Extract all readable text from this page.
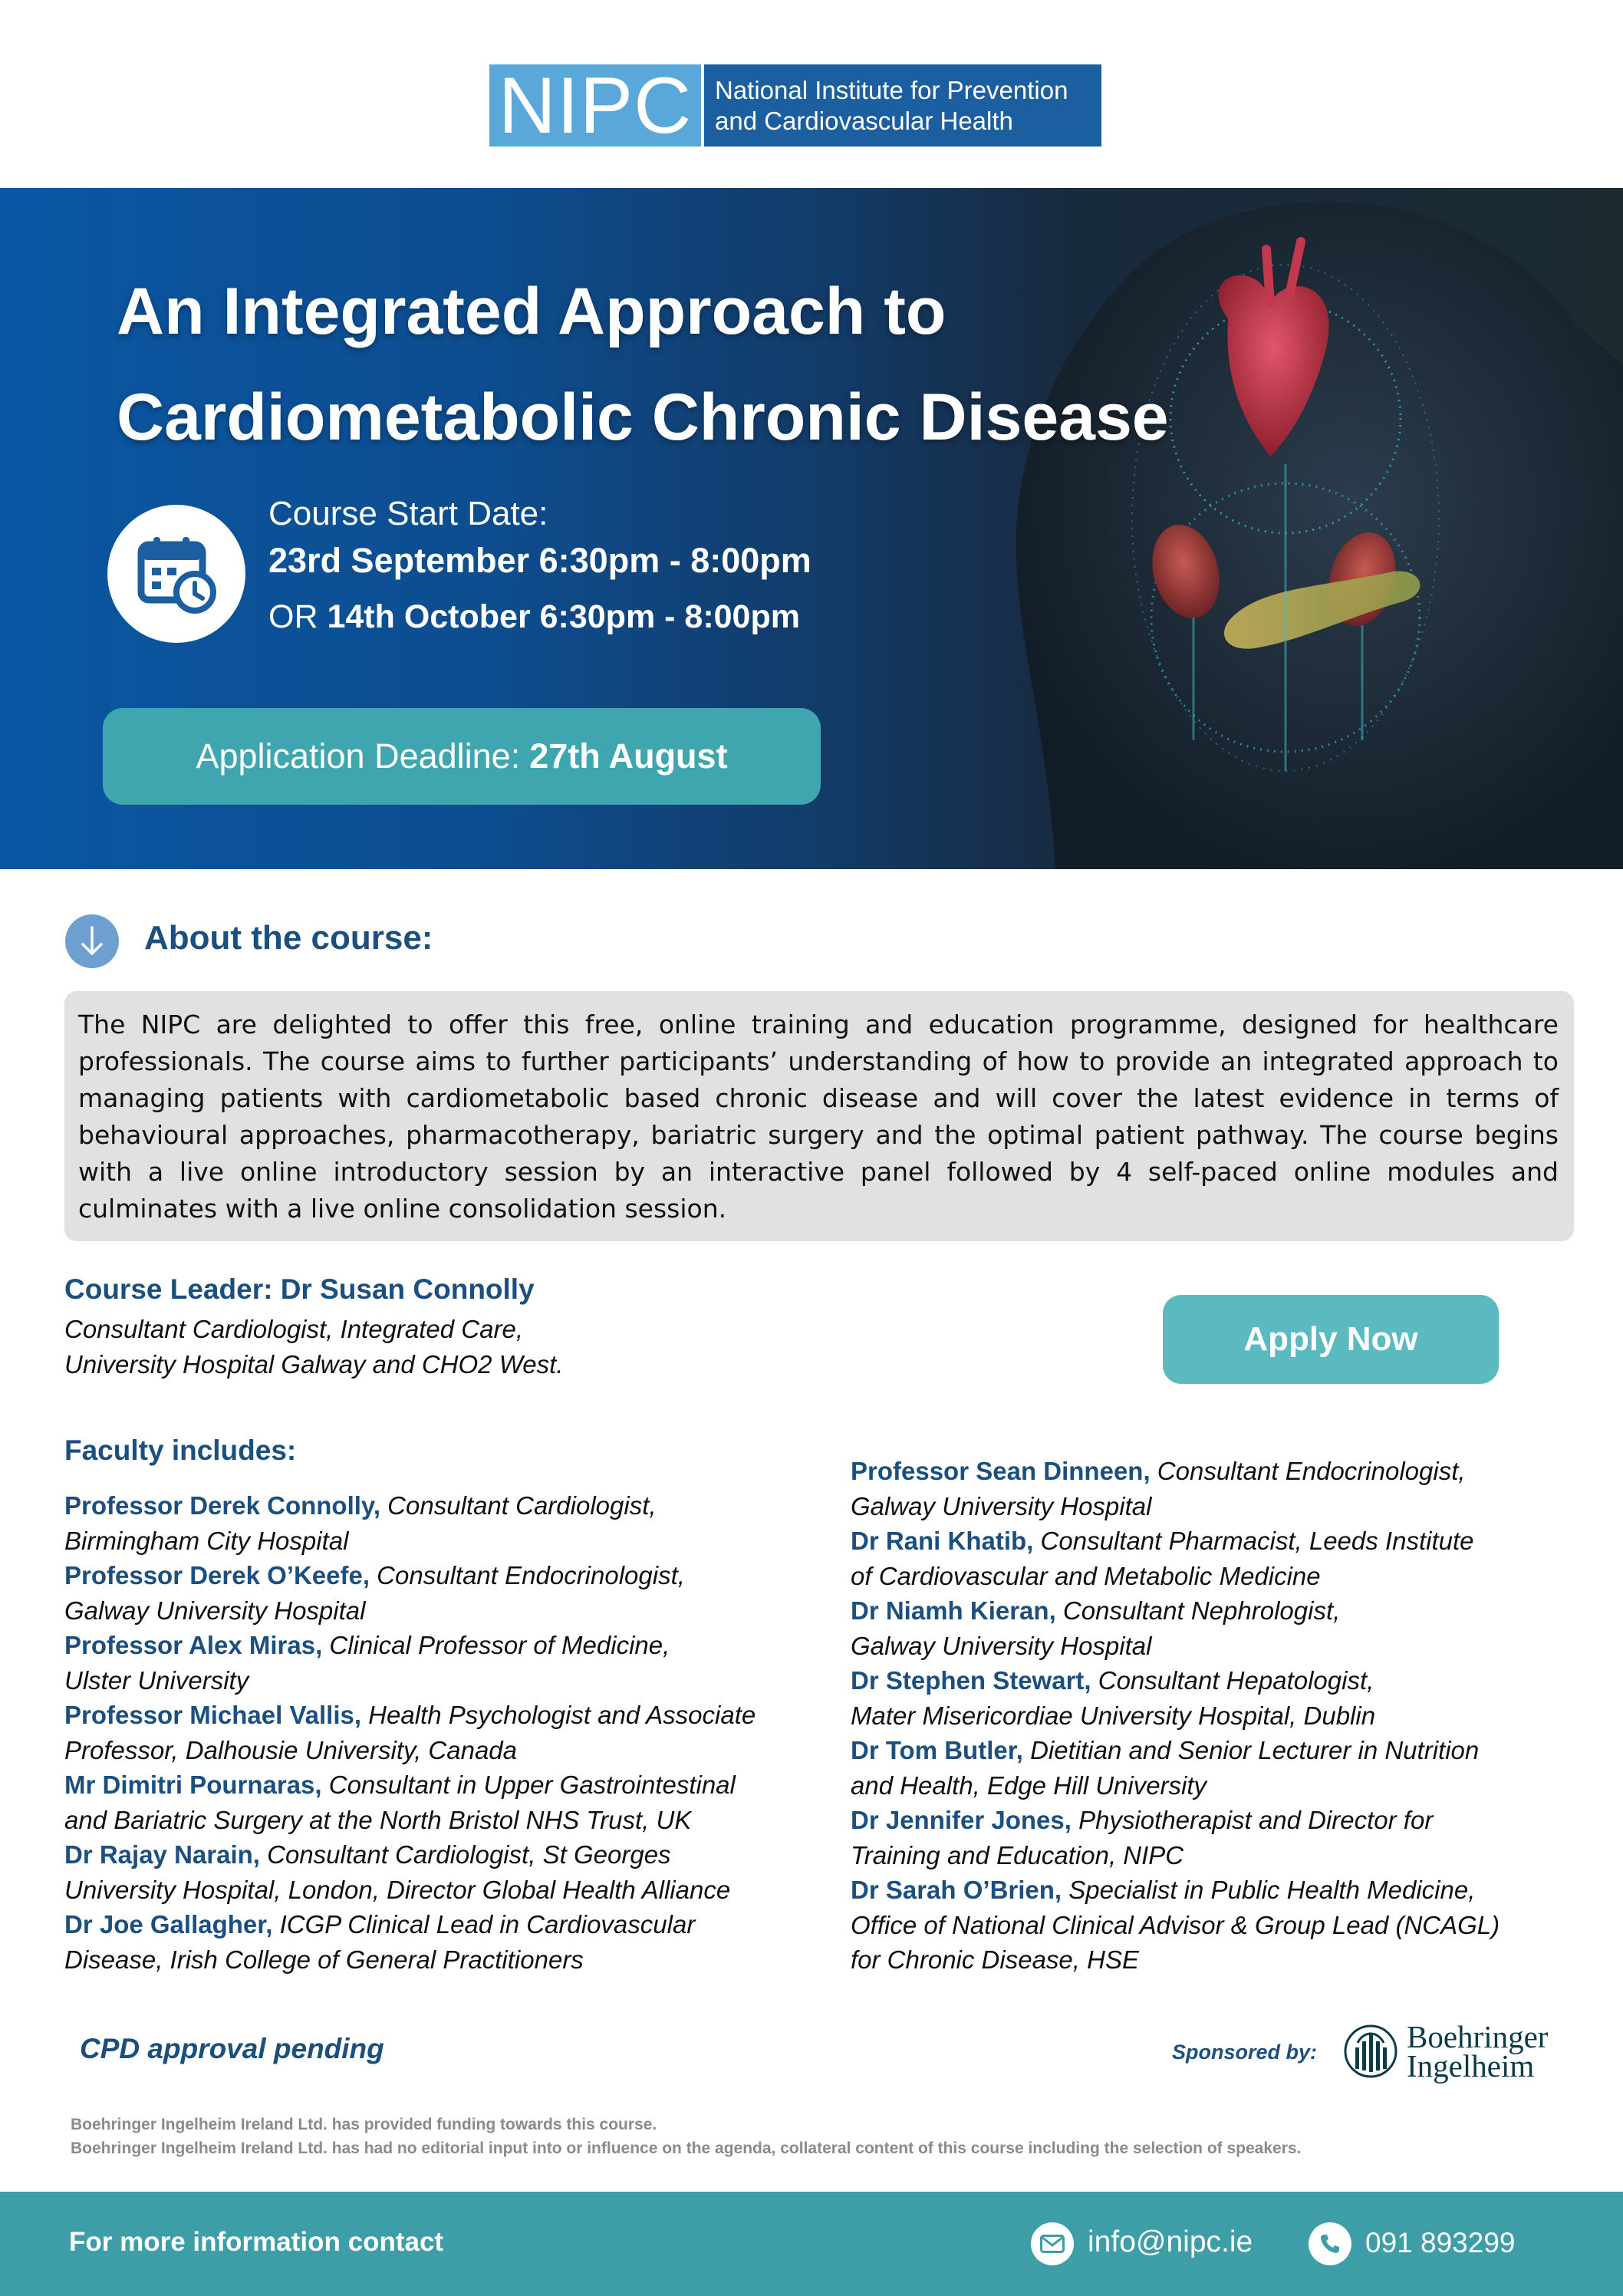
NIPC National Institute for Prevention
and Cardiovascular Health
An Integrated Approach to
Cardiometabolic Chronic Disease
Course Start Date:
23rd September 6:30pm - 8:00pm
OR 14th October 6:30pm - 8:00pm
Application Deadline: 27th August
About the course:

The NIPC are delighted to offer this free, online training and education programme, designed for healthcare professionals. The course aims to further participants’ understanding of how to provide an integrated approach to managing patients with cardiometabolic based chronic disease and will cover the latest evidence in terms of behavioural approaches, pharmacotherapy, bariatric surgery and the optimal patient pathway. The course begins with a live online introductory session by an interactive panel followed by 4 self-paced online modules and culminates with a live online consolidation session.

Course Leader: Dr Susan Connolly
Consultant Cardiologist, Integrated Care,
University Hospital Galway and CHO2 West.
Apply Now
Faculty includes:
Professor Derek Connolly, Consultant Cardiologist,
Birmingham City Hospital
Professor Derek O’Keefe, Consultant Endocrinologist,
Galway University Hospital
Professor Alex Miras, Clinical Professor of Medicine,
Ulster University
Professor Michael Vallis, Health Psychologist and Associate
Professor, Dalhousie University, Canada
Mr Dimitri Pournaras, Consultant in Upper Gastrointestinal
and Bariatric Surgery at the North Bristol NHS Trust, UK
Dr Rajay Narain, Consultant Cardiologist, St Georges
University Hospital, London, Director Global Health Alliance
Dr Joe Gallagher, ICGP Clinical Lead in Cardiovascular
Disease, Irish College of General Practitioners
Professor Sean Dinneen, Consultant Endocrinologist,
Galway University Hospital
Dr Rani Khatib, Consultant Pharmacist, Leeds Institute
of Cardiovascular and Metabolic Medicine
Dr Niamh Kieran, Consultant Nephrologist,
Galway University Hospital
Dr Stephen Stewart, Consultant Hepatologist,
Mater Misericordiae University Hospital, Dublin
Dr Tom Butler, Dietitian and Senior Lecturer in Nutrition
and Health, Edge Hill University
Dr Jennifer Jones, Physiotherapist and Director for
Training and Education, NIPC
Dr Sarah O’Brien, Specialist in Public Health Medicine,
Office of National Clinical Advisor & Group Lead (NCAGL)
for Chronic Disease, HSE
CPD approval pending	Sponsored by:	Boehringer
Ingelheim
Boehringer Ingelheim Ireland Ltd. has provided funding towards this course.
Boehringer Ingelheim Ireland Ltd. has had no editorial input into or influence on the agenda, collateral content of this course including the selection of speakers.
For more information contact	info@nipc.ie	091 893299
